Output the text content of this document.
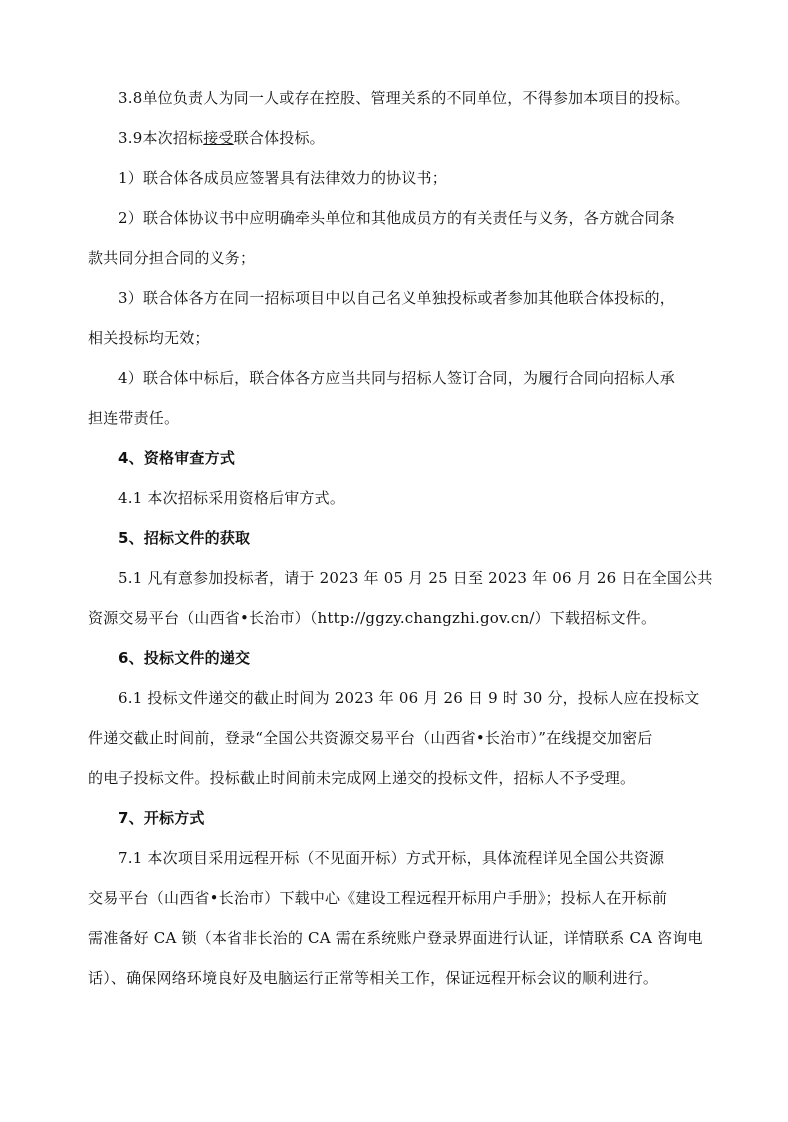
3.8单位负责人为同一人或存在控股、管理关系的不同单位，不得参加本项目的投标。
3.9本次招标接受联合体投标。
1）联合体各成员应签署具有法律效力的协议书；
2）联合体协议书中应明确牵头单位和其他成员方的有关责任与义务，各方就合同条
款共同分担合同的义务；
3）联合体各方在同一招标项目中以自己名义单独投标或者参加其他联合体投标的，
相关投标均无效；
4）联合体中标后，联合体各方应当共同与招标人签订合同，为履行合同向招标人承
担连带责任。
4、资格审查方式
4.1 本次招标采用资格后审方式。
5、招标文件的获取
5.1 凡有意参加投标者，请于 2023 年 05 月 25 日至 2023 年 06 月 26 日在全国公共
资源交易平台（山西省•长治市）（http://ggzy.changzhi.gov.cn/）下载招标文件。
6、投标文件的递交
6.1 投标文件递交的截止时间为 2023 年 06 月 26 日 9 时 30 分，投标人应在投标文
件递交截止时间前，登录“全国公共资源交易平台（山西省•长治市）”在线提交加密后
的电子投标文件。投标截止时间前未完成网上递交的投标文件，招标人不予受理。
7、开标方式
7.1 本次项目采用远程开标（不见面开标）方式开标，具体流程详见全国公共资源
交易平台（山西省•长治市）下载中心《建设工程远程开标用户手册》；投标人在开标前
需准备好 CA 锁（本省非长治的 CA 需在系统账户登录界面进行认证，详情联系 CA 咨询电
话）、确保网络环境良好及电脑运行正常等相关工作，保证远程开标会议的顺利进行。
